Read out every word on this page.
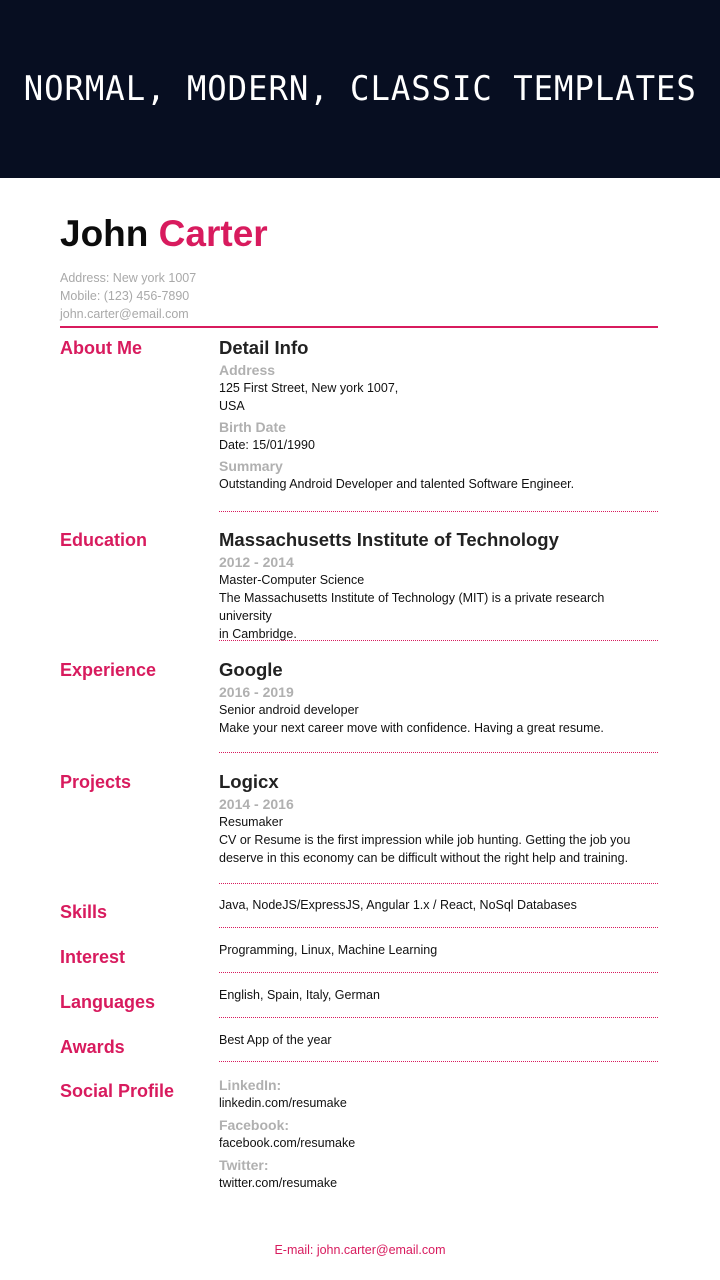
NORMAL, MODERN, CLASSIC TEMPLATES
John Carter
Address: New york 1007
Mobile: (123) 456-7890
john.carter@email.com
About Me	Detail Info
Address
125 First Street, New york 1007,
USA
Birth Date
Date: 15/01/1990
Summary
Outstanding Android Developer and talented Software Engineer.
Education	Massachusetts Institute of Technology
2012 - 2014
Master-Computer Science
The Massachusetts Institute of Technology (MIT) is a private research university
in Cambridge.
Experience	Google
2016 - 2019
Senior android developer
Make your next career move with confidence. Having a great resume.
Projects	Logicx
2014 - 2016
Resumaker
CV or Resume is the first impression while job hunting. Getting the job you
deserve in this economy can be difficult without the right help and training.
Skills	Java, NodeJS/ExpressJS, Angular 1.x / React, NoSql Databases
Interest	Programming, Linux, Machine Learning
Languages	English, Spain, Italy, German
Awards	Best App of the year
Social Profile	LinkedIn:
linkedin.com/resumake
Facebook:
facebook.com/resumake
Twitter:
twitter.com/resumake
E-mail: john.carter@email.com
